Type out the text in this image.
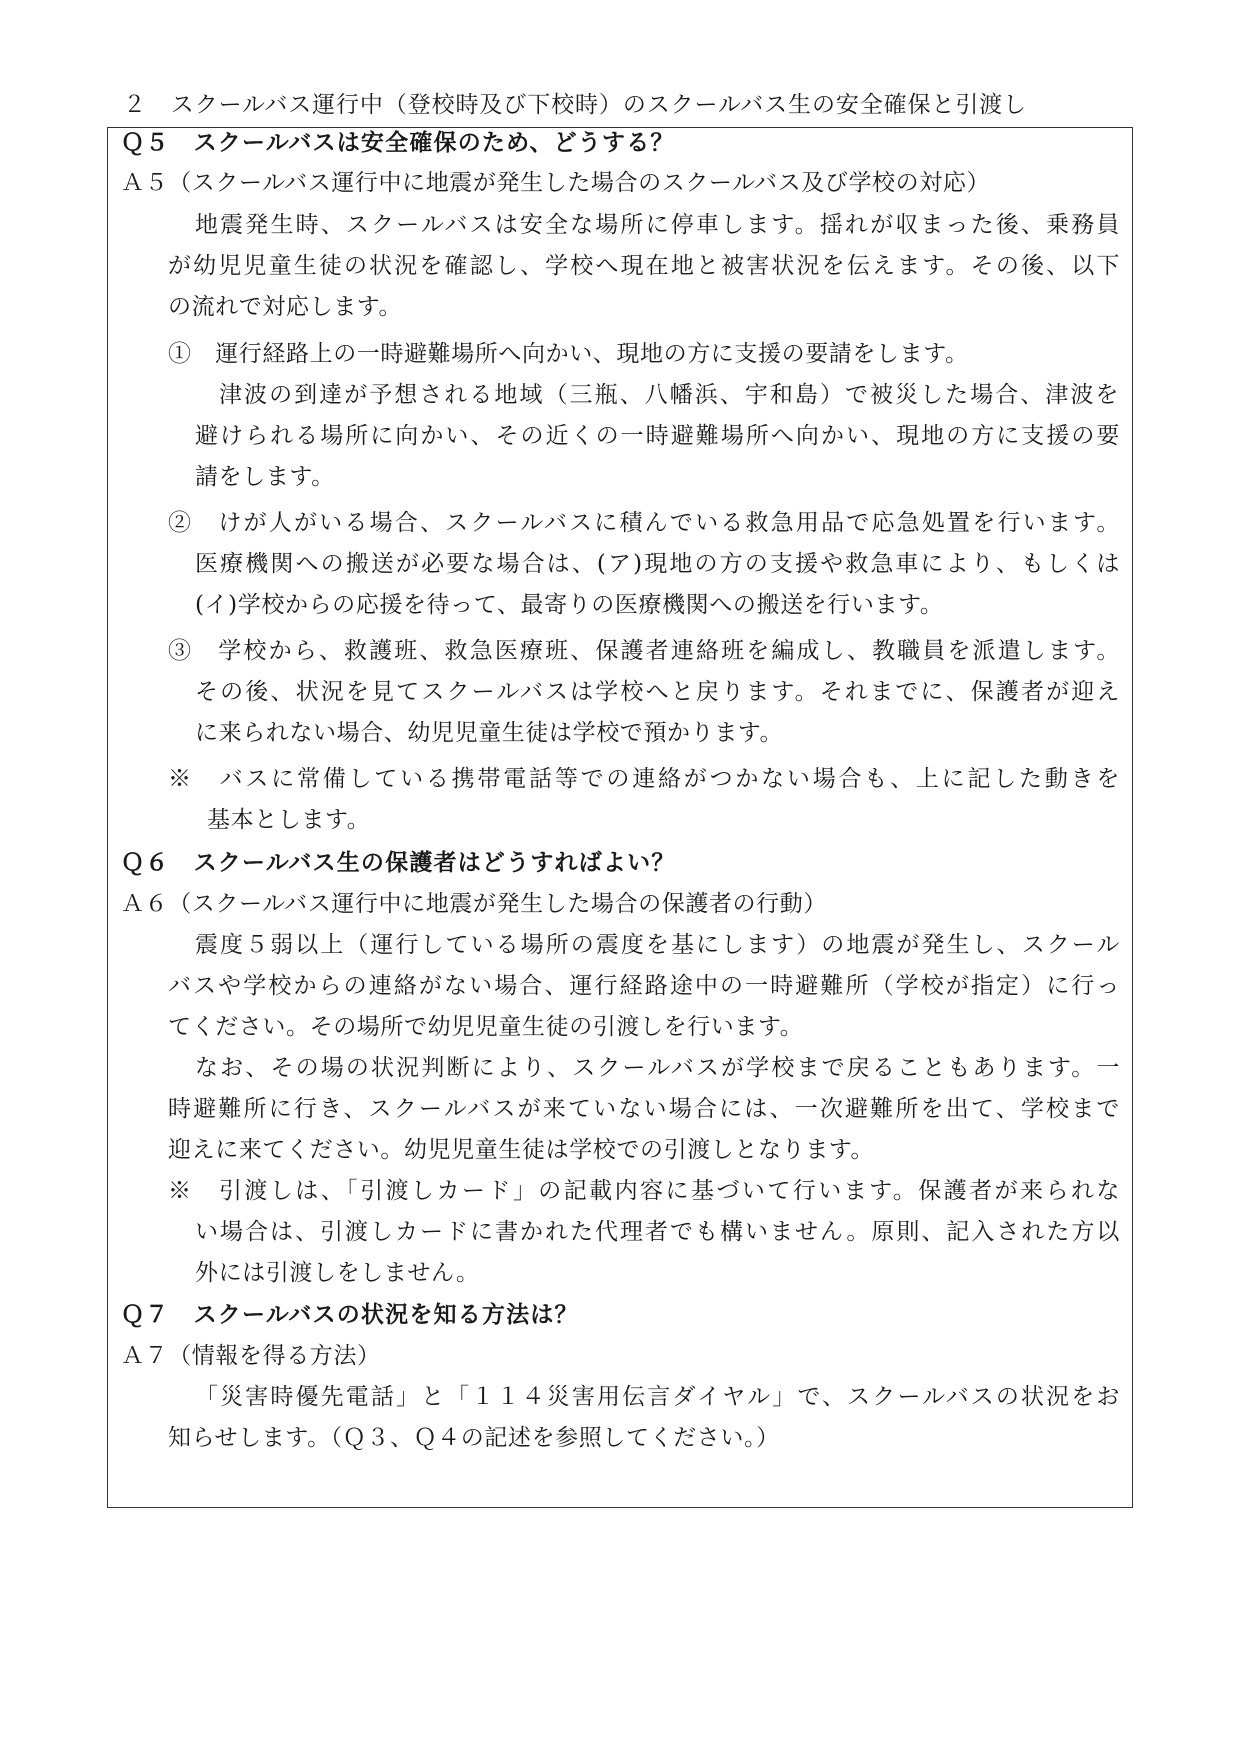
２　スクールバス運行中（登校時及び下校時）のスクールバス生の安全確保と引渡し
Ｑ５　スクールバスは安全確保のため、どうする？
Ａ５（スクールバス運行中に地震が発生した場合のスクールバス及び学校の対応）
地震発生時、スクールバスは安全な場所に停車します。揺れが収まった後、乗務員
が幼児児童生徒の状況を確認し、学校へ現在地と被害状況を伝えます。その後、以下
の流れで対応します。
①　運行経路上の一時避難場所へ向かい、現地の方に支援の要請をします。
津波の到達が予想される地域（三瓶、八幡浜、宇和島）で被災した場合、津波を
避けられる場所に向かい、その近くの一時避難場所へ向かい、現地の方に支援の要
請をします。
②　けが人がいる場合、スクールバスに積んでいる救急用品で応急処置を行います。
医療機関への搬送が必要な場合は、(ア)現地の方の支援や救急車により、もしくは
(イ)学校からの応援を待って、最寄りの医療機関への搬送を行います。
③　学校から、救護班、救急医療班、保護者連絡班を編成し、教職員を派遣します。
その後、状況を見てスクールバスは学校へと戻ります。それまでに、保護者が迎え
に来られない場合、幼児児童生徒は学校で預かります。
※　バスに常備している携帯電話等での連絡がつかない場合も、上に記した動きを
基本とします。
Ｑ６　スクールバス生の保護者はどうすればよい？
Ａ６（スクールバス運行中に地震が発生した場合の保護者の行動）
震度５弱以上（運行している場所の震度を基にします）の地震が発生し、スクール
バスや学校からの連絡がない場合、運行経路途中の一時避難所（学校が指定）に行っ
てください。その場所で幼児児童生徒の引渡しを行います。
なお、その場の状況判断により、スクールバスが学校まで戻ることもあります。一
時避難所に行き、スクールバスが来ていない場合には、一次避難所を出て、学校まで
迎えに来てください。幼児児童生徒は学校での引渡しとなります。
※　引渡しは、「引渡しカード」の記載内容に基づいて行います。保護者が来られな
い場合は、引渡しカードに書かれた代理者でも構いません。原則、記入された方以
外には引渡しをしません。
Ｑ７　スクールバスの状況を知る方法は？
Ａ７（情報を得る方法）
「災害時優先電話」と「１１４災害用伝言ダイヤル」で、スクールバスの状況をお
知らせします。（Ｑ３、Ｑ４の記述を参照してください。）
